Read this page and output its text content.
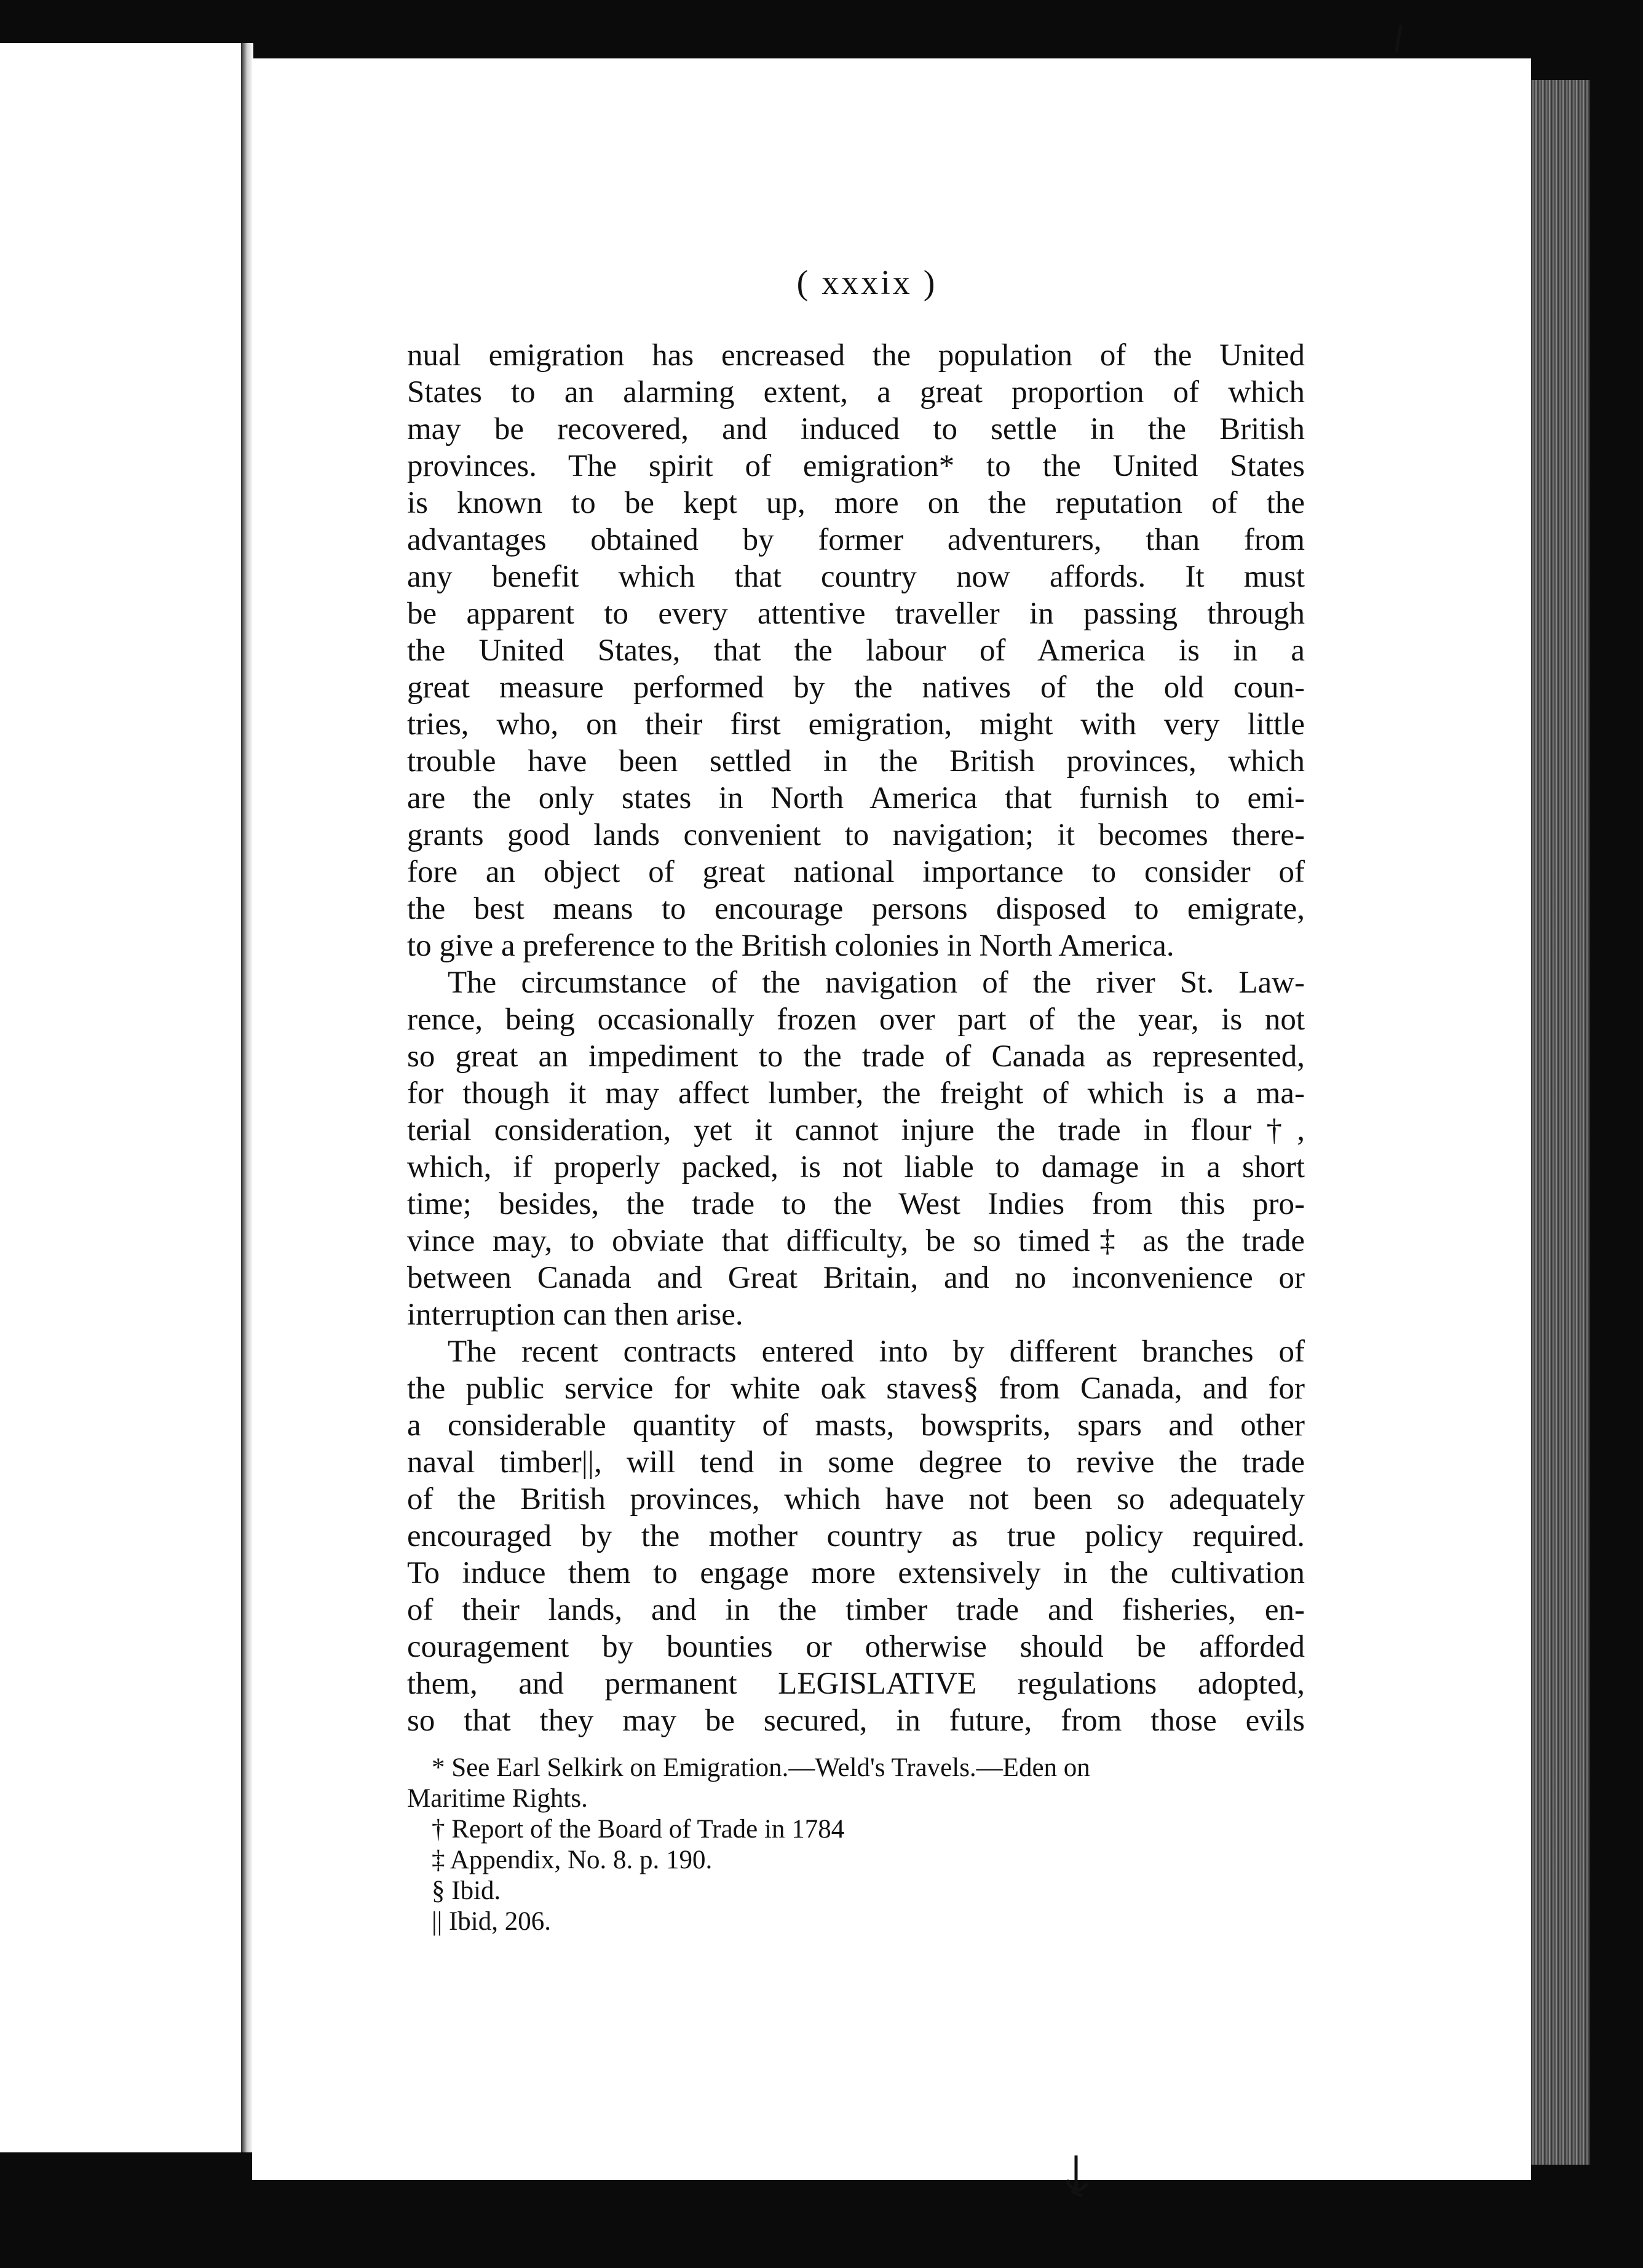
( xxxix )
nual emigration has encreased the population of the United
States to an alarming extent, a great proportion of which
may be recovered, and induced to settle in the British
provinces. The spirit of emigration* to the United States
is known to be kept up, more on the reputation of the
advantages obtained by former adventurers, than from
any benefit which that country now affords. It must
be apparent to every attentive traveller in passing through
the United States, that the labour of America is in a
great measure performed by the natives of the old coun-
tries, who, on their first emigration, might with very little
trouble have been settled in the British provinces, which
are the only states in North America that furnish to emi-
grants good lands convenient to navigation; it becomes there-
fore an object of great national importance to consider of
the best means to encourage persons disposed to emigrate,
to give a preference to the British colonies in North America.
The circumstance of the navigation of the river St. Law-
rence, being occasionally frozen over part of the year, is not
so great an impediment to the trade of Canada as represented,
for though it may affect lumber, the freight of which is a ma-
terial consideration, yet it cannot injure the trade in flour†,
which, if properly packed, is not liable to damage in a short
time; besides, the trade to the West Indies from this pro-
vince may, to obviate that difficulty, be so timed‡ as the trade
between Canada and Great Britain, and no inconvenience or
interruption can then arise.
The recent contracts entered into by different branches of
the public service for white oak staves§ from Canada, and for
a considerable quantity of masts, bowsprits, spars and other
naval timber||, will tend in some degree to revive the trade
of the British provinces, which have not been so adequately
encouraged by the mother country as true policy required.
To induce them to engage more extensively in the cultivation
of their lands, and in the timber trade and fisheries, en-
couragement by bounties or otherwise should be afforded
them, and permanent LEGISLATIVE regulations adopted,
so that they may be secured, in future, from those evils
* See Earl Selkirk on Emigration.—Weld's Travels.—Eden on
Maritime Rights.
† Report of the Board of Trade in 1784
‡ Appendix, No. 8. p. 190.
§ Ibid.
|| Ibid, 206.
